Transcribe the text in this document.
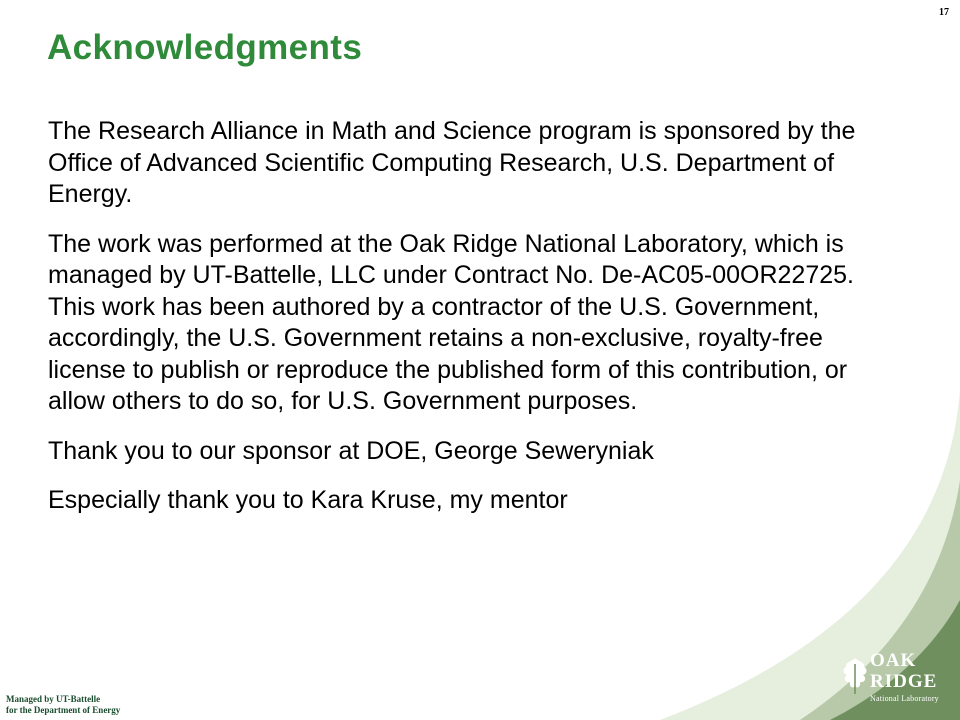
17
Acknowledgments

The Research Alliance in Math and Science program is sponsored by the Office of Advanced Scientific Computing Research, U.S. Department of Energy.

The work was performed at the Oak Ridge National Laboratory, which is managed by UT-Battelle, LLC under Contract No. De-AC05-00OR22725. This work has been authored by a contractor of the U.S. Government, accordingly, the U.S. Government retains a non-exclusive, royalty-free license to publish or reproduce the published form of this contribution, or allow others to do so, for U.S. Government purposes.

Thank you to our sponsor at DOE, George Seweryniak

Especially thank you to Kara Kruse, my mentor

Managed by UT-Battelle
for the Department of Energy
OAK
RIDGE
National Laboratory
